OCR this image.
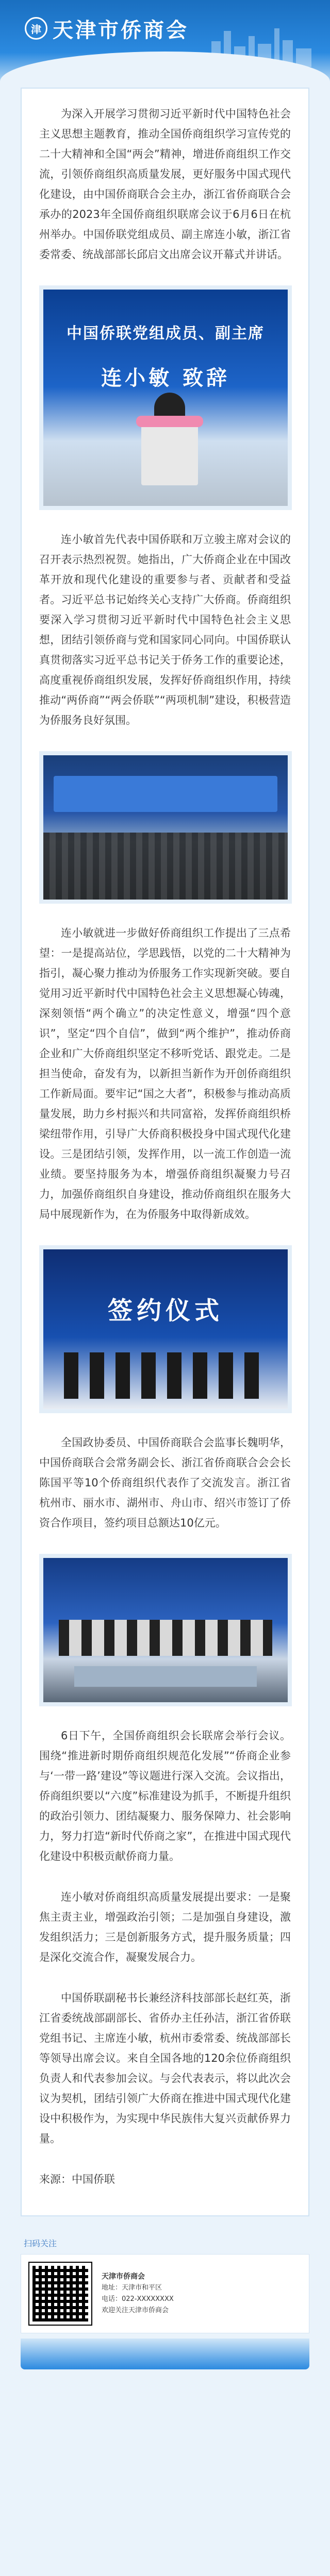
津 天津市侨商会

为深入开展学习贯彻习近平新时代中国特色社会主义思想主题教育，推动全国侨商组织学习宣传党的二十大精神和全国“两会”精神，增进侨商组织工作交流，引领侨商组织高质量发展，更好服务中国式现代化建设，由中国侨商联合会主办，浙江省侨商联合会承办的2023年全国侨商组织联席会议于6月6日在杭州举办。中国侨联党组成员、副主席连小敏，浙江省委常委、统战部部长邱启文出席会议开幕式并讲话。

中国侨联党组成员、副主席
连小敏 致辞

连小敏首先代表中国侨联和万立骏主席对会议的召开表示热烈祝贺。她指出，广大侨商企业在中国改革开放和现代化建设的重要参与者、贡献者和受益者。习近平总书记始终关心支持广大侨商。侨商组织要深入学习贯彻习近平新时代中国特色社会主义思想，团结引领侨商与党和国家同心同向。中国侨联认真贯彻落实习近平总书记关于侨务工作的重要论述，高度重视侨商组织发展，发挥好侨商组织作用，持续推动“两侨商”“两会侨联”“两项机制”建设，积极营造为侨服务良好氛围。

连小敏就进一步做好侨商组织工作提出了三点希望：一是提高站位，学思践悟，以党的二十大精神为指引，凝心聚力推动为侨服务工作实现新突破。要自觉用习近平新时代中国特色社会主义思想凝心铸魂，深刻领悟“两个确立”的决定性意义，增强“四个意识”，坚定“四个自信”，做到“两个维护”，推动侨商企业和广大侨商组织坚定不移听党话、跟党走。二是担当使命，奋发有为，以新担当新作为开创侨商组织工作新局面。要牢记“国之大者”，积极参与推动高质量发展，助力乡村振兴和共同富裕，发挥侨商组织桥梁纽带作用，引导广大侨商积极投身中国式现代化建设。三是团结引领，发挥作用，以一流工作创造一流业绩。要坚持服务为本，增强侨商组织凝聚力号召力，加强侨商组织自身建设，推动侨商组织在服务大局中展现新作为，在为侨服务中取得新成效。

签约仪式

全国政协委员、中国侨商联合会监事长魏明华，中国侨商联合会常务副会长、浙江省侨商联合会会长陈国平等10个侨商组织代表作了交流发言。浙江省杭州市、丽水市、湖州市、舟山市、绍兴市签订了侨资合作项目，签约项目总额达10亿元。

6日下午，全国侨商组织会长联席会举行会议。围绕“推进新时期侨商组织规范化发展”“侨商企业参与‘一带一路’建设”等议题进行深入交流。会议指出，侨商组织要以“六度”标准建设为抓手，不断提升组织的政治引领力、团结凝聚力、服务保障力、社会影响力，努力打造“新时代侨商之家”，在推进中国式现代化建设中积极贡献侨商力量。

连小敏对侨商组织高质量发展提出要求：一是聚焦主责主业，增强政治引领；二是加强自身建设，激发组织活力；三是创新服务方式，提升服务质量；四是深化交流合作，凝聚发展合力。

中国侨联副秘书长兼经济科技部部长赵红英，浙江省委统战部副部长、省侨办主任孙洁，浙江省侨联党组书记、主席连小敏，杭州市委常委、统战部部长等领导出席会议。来自全国各地的120余位侨商组织负责人和代表参加会议。与会代表表示，将以此次会议为契机，团结引领广大侨商在推进中国式现代化建设中积极作为，为实现中华民族伟大复兴贡献侨界力量。

来源：中国侨联

扫码关注
天津市侨商会
地址：天津市和平区
电话：022-XXXXXXXX
欢迎关注天津市侨商会
